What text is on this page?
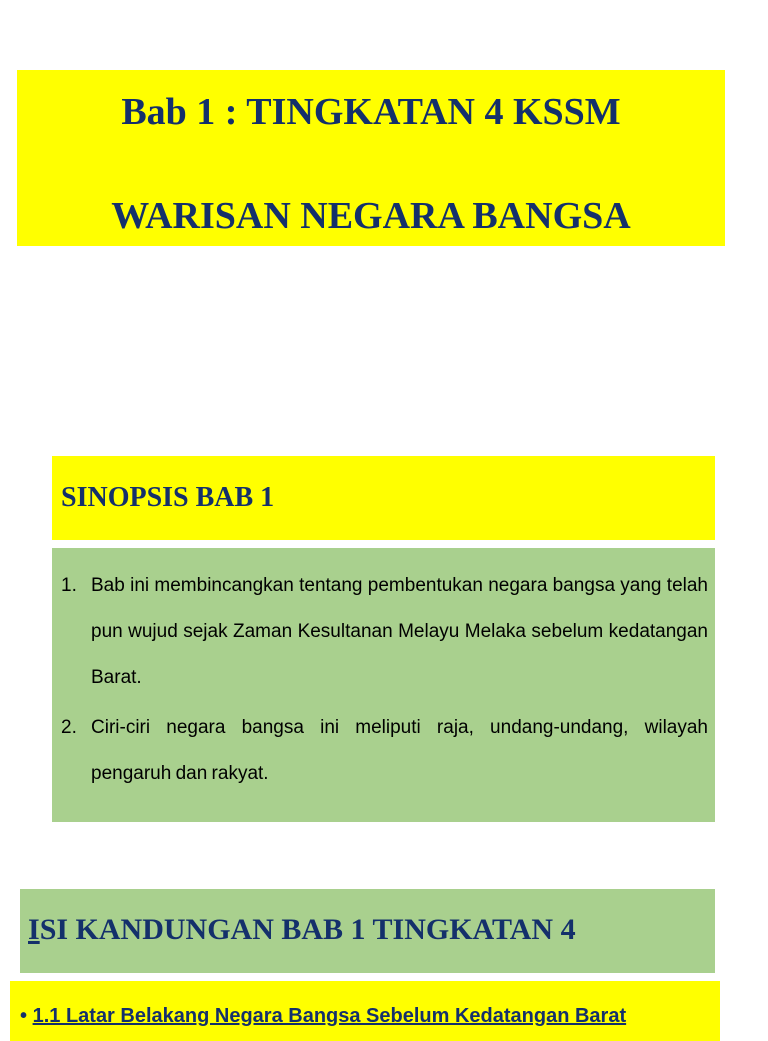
Bab 1 : TINGKATAN 4 KSSM
WARISAN NEGARA BANGSA
SINOPSIS BAB 1
1. Bab ini membincangkan tentang pembentukan negara bangsa yang telah pun wujud sejak Zaman Kesultanan Melayu Melaka sebelum kedatangan Barat.
2. Ciri-ciri negara bangsa ini meliputi raja, undang-undang, wilayah pengaruh dan rakyat.
ISI KANDUNGAN BAB 1 TINGKATAN 4
• 1.1 Latar Belakang Negara Bangsa Sebelum Kedatangan Barat
